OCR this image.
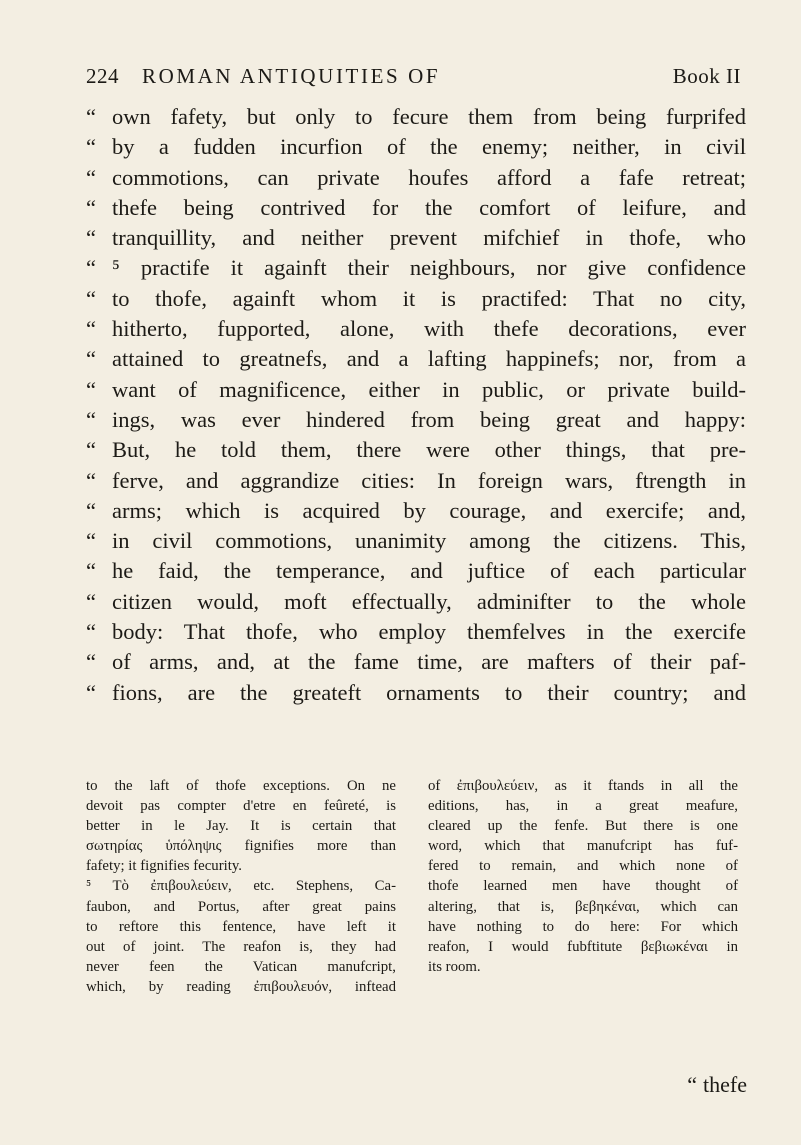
224 ROMAN ANTIQUITIES OF	Book II
“ own fafety, but only to fecure them from being furprifed
“ by a fudden incurfion of the enemy; neither, in civil
“ commotions, can private houfes afford a fafe retreat;
“ thefe being contrived for the comfort of leifure, and
“ tranquillity, and neither prevent mifchief in thofe, who
“ ⁵ practife it againft their neighbours, nor give confidence
“ to thofe, againft whom it is practifed: That no city,
“ hitherto, fupported, alone, with thefe decorations, ever
“ attained to greatnefs, and a lafting happinefs; nor, from a
“ want of magnificence, either in public, or private build-
“ ings, was ever hindered from being great and happy:
“ But, he told them, there were other things, that pre-
“ ferve, and aggrandize cities: In foreign wars, ftrength in
“ arms; which is acquired by courage, and exercife; and,
“ in civil commotions, unanimity among the citizens. This,
“ he faid, the temperance, and juftice of each particular
“ citizen would, moft effectually, adminifter to the whole
“ body: That thofe, who employ themfelves in the exercife
“ of arms, and, at the fame time, are mafters of their paf-
“ fions, are the greateft ornaments to their country; and
to the laft of thofe exceptions. On ne
devoit pas compter d'etre en feûreté, is
better in le Jay. It is certain that
σωτηρίας ὑπόληψις fignifies more than
fafety; it fignifies fecurity.
⁵ Τὸ ἐπιβουλεύειν, etc. Stephens, Ca-
faubon, and Portus, after great pains
to reftore this fentence, have left it
out of joint. The reafon is, they had
never feen the Vatican manufcript,
which, by reading ἐπιβουλευόν, inftead
of ἐπιβουλεύειν, as it ftands in all the
editions, has, in a great meafure,
cleared up the fenfe. But there is one
word, which that manufcript has fuf-
fered to remain, and which none of
thofe learned men have thought of
altering, that is, βεβηκέναι, which can
have nothing to do here: For which
reafon, I would fubftitute βεβιωκέναι in
its room.
“ thefe
